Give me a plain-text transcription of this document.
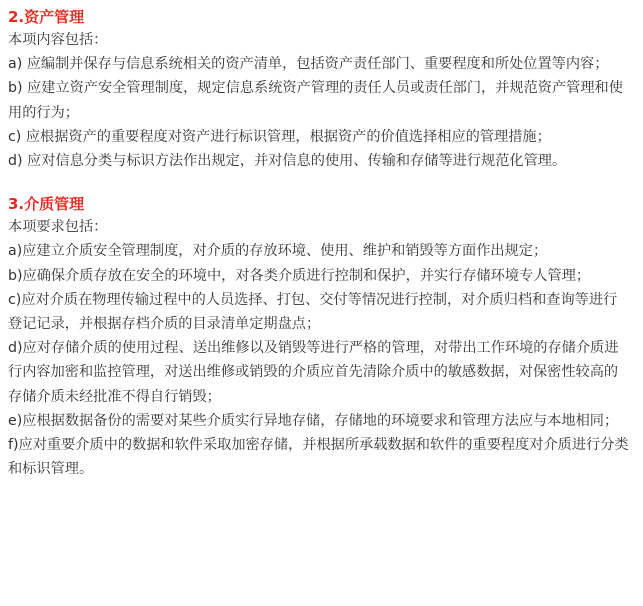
2.资产管理

本项内容包括：

a) 应编制并保存与信息系统相关的资产清单，包括资产责任部门、重要程度和所处位置等内容；

b) 应建立资产安全管理制度，规定信息系统资产管理的责任人员或责任部门，并规范资产管理和使用的行为；

c) 应根据资产的重要程度对资产进行标识管理，根据资产的价值选择相应的管理措施；

d) 应对信息分类与标识方法作出规定，并对信息的使用、传输和存储等进行规范化管理。

3.介质管理

本项要求包括：

a)应建立介质安全管理制度，对介质的存放环境、使用、维护和销毁等方面作出规定；

b)应确保介质存放在安全的环境中，对各类介质进行控制和保护，并实行存储环境专人管理；

c)应对介质在物理传输过程中的人员选择、打包、交付等情况进行控制，对介质归档和查询等进行登记记录，并根据存档介质的目录清单定期盘点；

d)应对存储介质的使用过程、送出维修以及销毁等进行严格的管理，对带出工作环境的存储介质进行内容加密和监控管理，对送出维修或销毁的介质应首先清除介质中的敏感数据，对保密性较高的存储介质未经批准不得自行销毁；

e)应根据数据备份的需要对某些介质实行异地存储，存储地的环境要求和管理方法应与本地相同；

f)应对重要介质中的数据和软件采取加密存储，并根据所承载数据和软件的重要程度对介质进行分类和标识管理。
